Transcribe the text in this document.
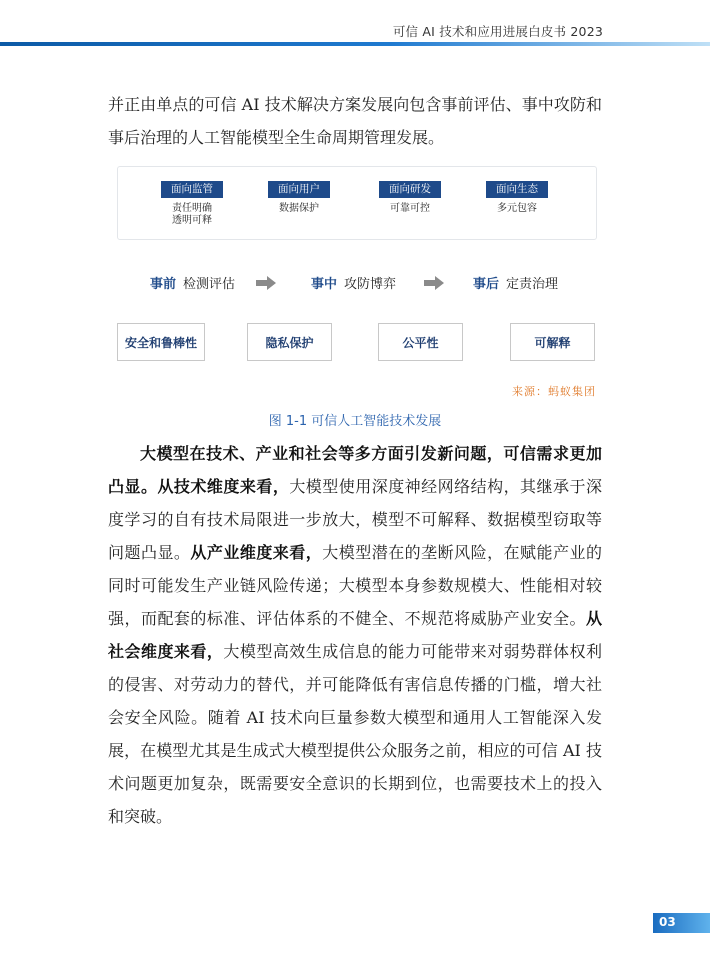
可信 AI 技术和应用进展白皮书 2023

并正由单点的可信 AI 技术解决方案发展向包含事前评估、事中攻防和事后治理的人工智能模型全生命周期管理发展。

面向监管
责任明确
透明可释
面向用户
数据保护
面向研发
可靠可控
面向生态
多元包容
事前 检测评估	事中 攻防博弈	事后 定责治理
安全和鲁棒性	隐私保护	公平性	可解释
来源：蚂蚁集团
图 1-1 可信人工智能技术发展

大模型在技术、产业和社会等多方面引发新问题，可信需求更加凸显。从技术维度来看，大模型使用深度神经网络结构，其继承于深度学习的自有技术局限进一步放大，模型不可解释、数据模型窃取等问题凸显。从产业维度来看，大模型潜在的垄断风险，在赋能产业的同时可能发生产业链风险传递；大模型本身参数规模大、性能相对较强，而配套的标准、评估体系的不健全、不规范将威胁产业安全。从社会维度来看，大模型高效生成信息的能力可能带来对弱势群体权利的侵害、对劳动力的替代，并可能降低有害信息传播的门槛，增大社会安全风险。随着 AI 技术向巨量参数大模型和通用人工智能深入发展，在模型尤其是生成式大模型提供公众服务之前，相应的可信 AI 技术问题更加复杂，既需要安全意识的长期到位，也需要技术上的投入和突破。

03
